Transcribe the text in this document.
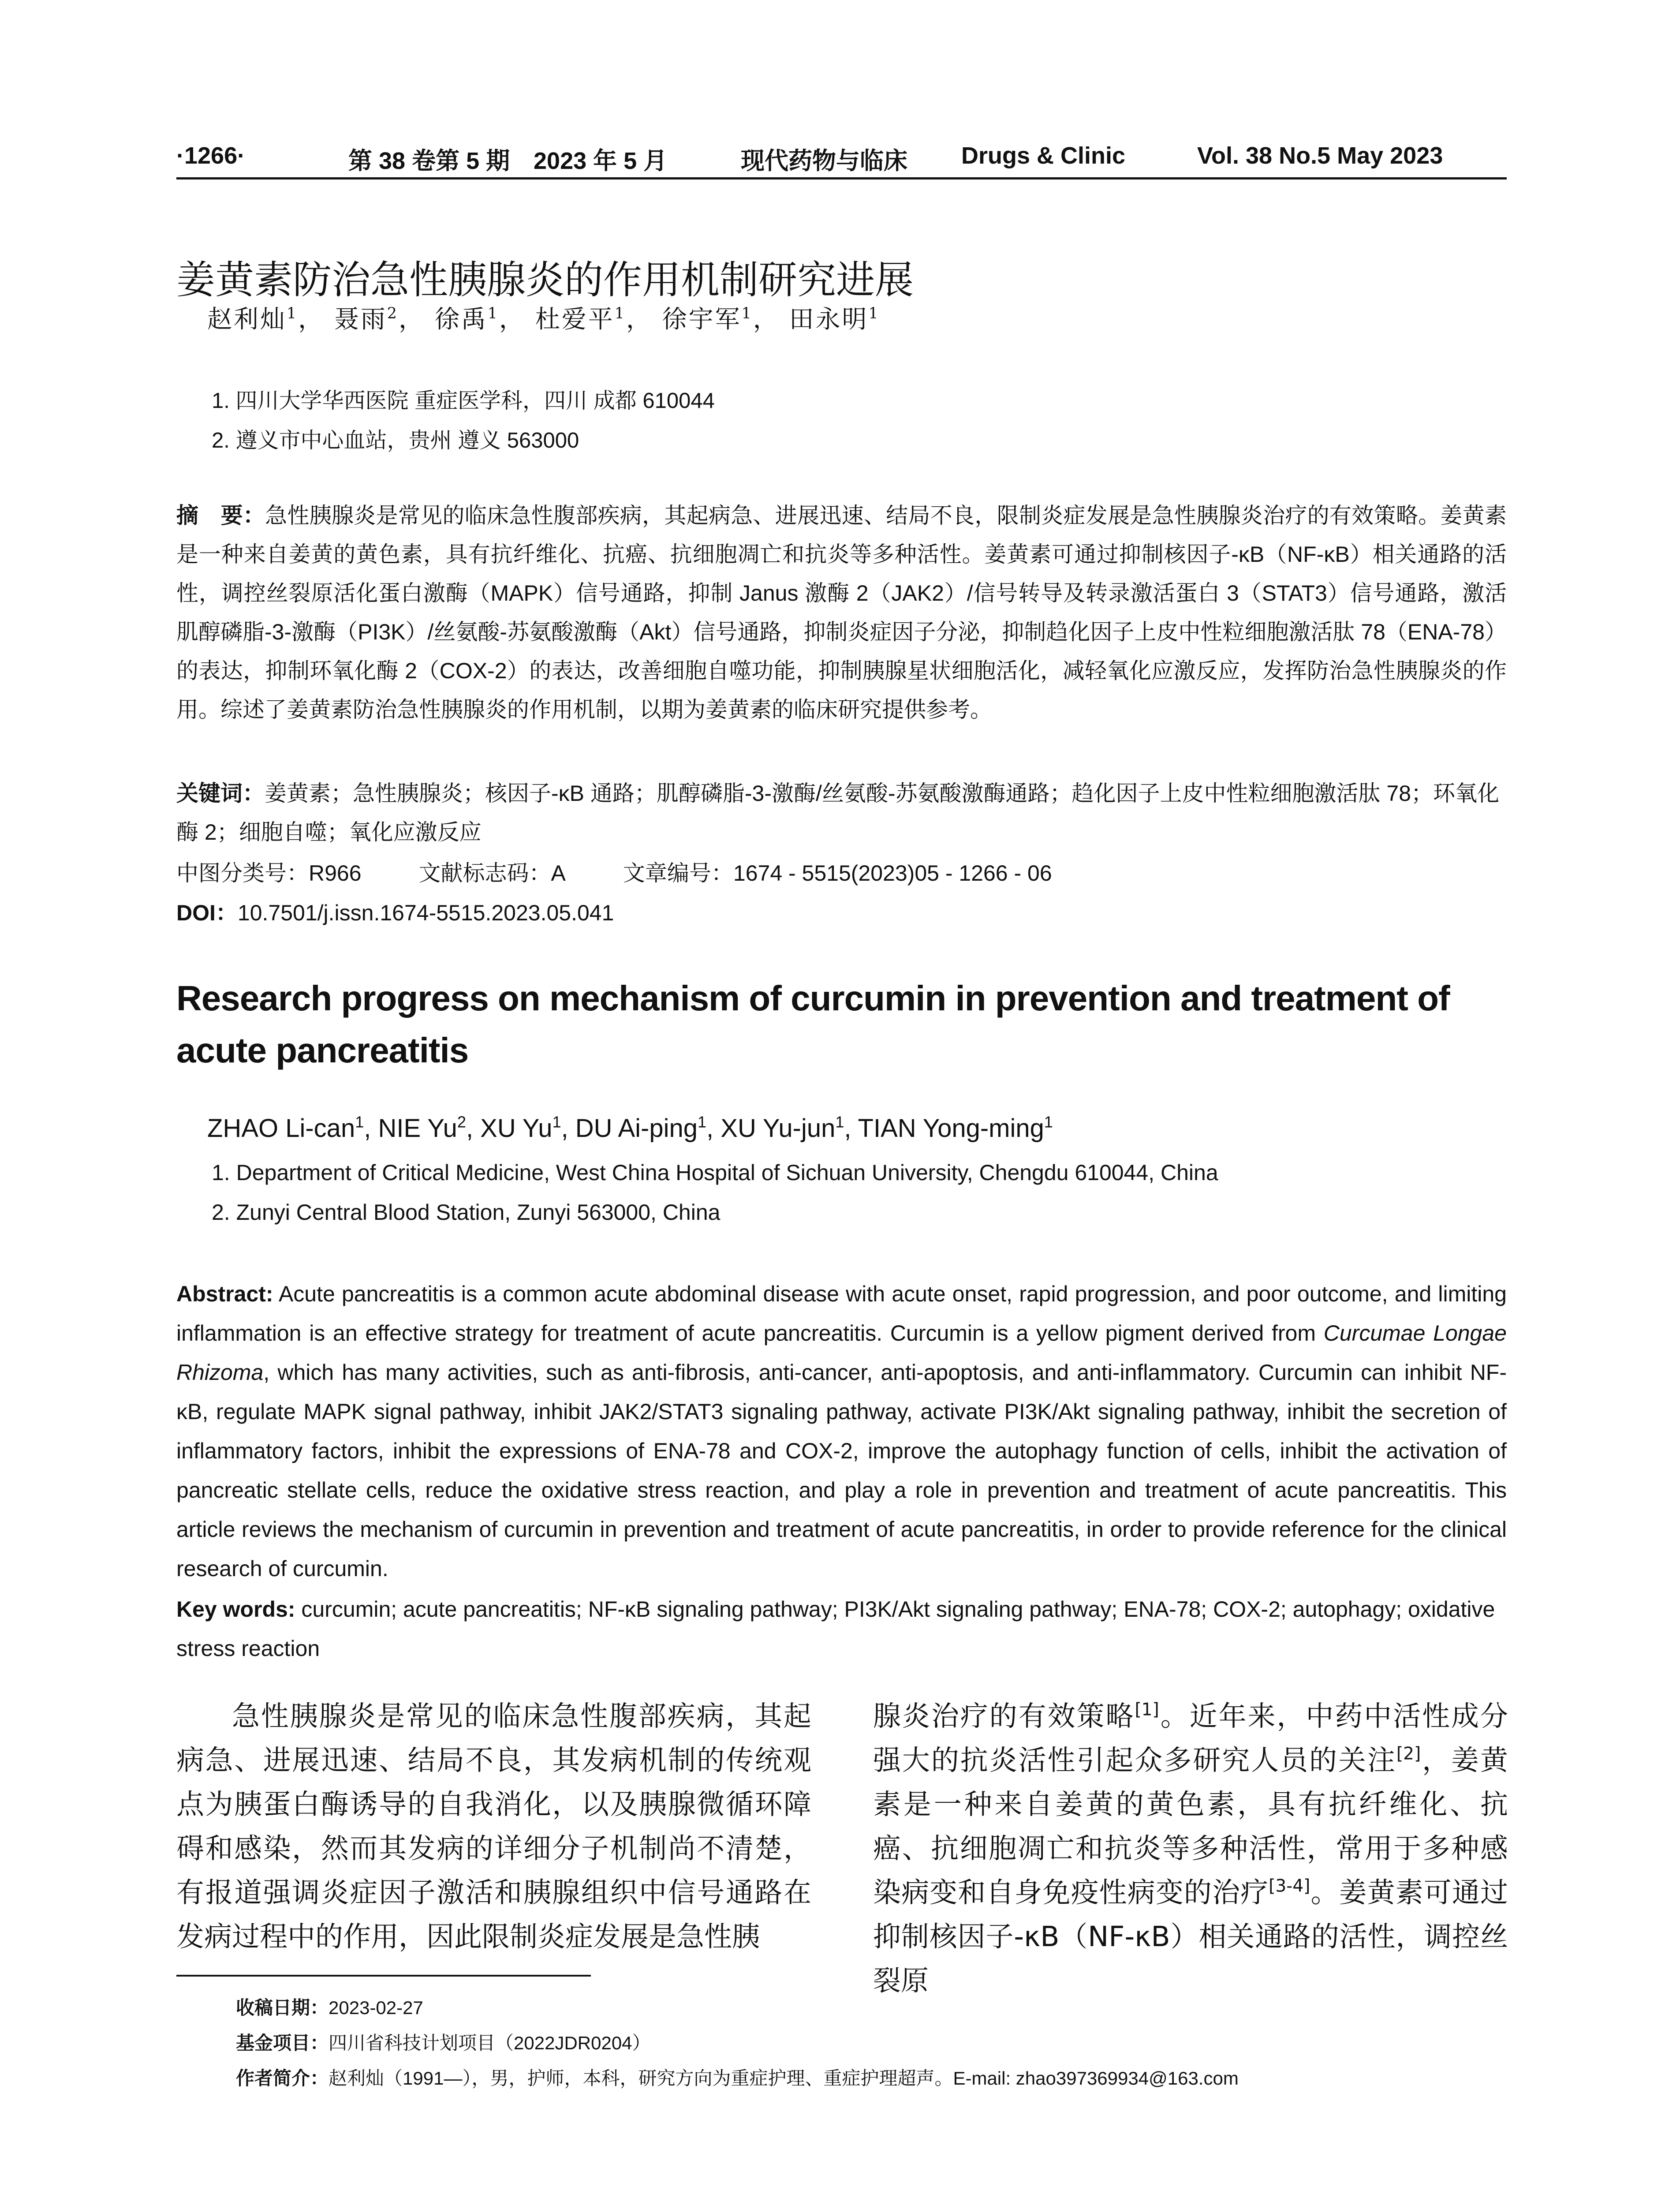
·1266·	第 38 卷第 5 期 2023 年 5 月	现代药物与临床 Drugs & Clinic	Vol. 38 No.5 May 2023
姜黄素防治急性胰腺炎的作用机制研究进展
赵利灿$^1$， 聂雨$^2$， 徐禹$^1$， 杜爱平$^1$， 徐宇军$^1$， 田永明$^1$
1. 四川大学华西医院 重症医学科，四川 成都 610044
2. 遵义市中心血站，贵州 遵义 563000
摘　要：急性胰腺炎是常见的临床急性腹部疾病，其起病急、进展迅速、结局不良，限制炎症发展是急性胰腺炎治疗的有效策略。姜黄素是一种来自姜黄的黄色素，具有抗纤维化、抗癌、抗细胞凋亡和抗炎等多种活性。姜黄素可通过抑制核因子-κB（NF-κB）相关通路的活性，调控丝裂原活化蛋白激酶（MAPK）信号通路，抑制 Janus 激酶 2（JAK2）/信号转导及转录激活蛋白 3（STAT3）信号通路，激活肌醇磷脂-3-激酶（PI3K）/丝氨酸-苏氨酸激酶（Akt）信号通路，抑制炎症因子分泌，抑制趋化因子上皮中性粒细胞激活肽 78（ENA-78）的表达，抑制环氧化酶 2（COX-2）的表达，改善细胞自噬功能，抑制胰腺星状细胞活化，减轻氧化应激反应，发挥防治急性胰腺炎的作用。综述了姜黄素防治急性胰腺炎的作用机制，以期为姜黄素的临床研究提供参考。
关键词：姜黄素；急性胰腺炎；核因子-κB 通路；肌醇磷脂-3-激酶/丝氨酸-苏氨酸激酶通路；趋化因子上皮中性粒细胞激活肽 78；环氧化酶 2；细胞自噬；氧化应激反应
中图分类号：R966	文献标志码：A	文章编号：1674 - 5515(2023)05 - 1266 - 06
DOI：10.7501/j.issn.1674-5515.2023.05.041
Research progress on mechanism of curcumin in prevention and treatment of acute pancreatitis
ZHAO Li-can$^1$, NIE Yu$^2$, XU Yu$^1$, DU Ai-ping$^1$, XU Yu-jun$^1$, TIAN Yong-ming$^1$
1. Department of Critical Medicine, West China Hospital of Sichuan University, Chengdu 610044, China
2. Zunyi Central Blood Station, Zunyi 563000, China
Abstract: Acute pancreatitis is a common acute abdominal disease with acute onset, rapid progression, and poor outcome, and limiting inflammation is an effective strategy for treatment of acute pancreatitis. Curcumin is a yellow pigment derived from Curcumae Longae Rhizoma, which has many activities, such as anti-fibrosis, anti-cancer, anti-apoptosis, and anti-inflammatory. Curcumin can inhibit NF-κB, regulate MAPK signal pathway, inhibit JAK2/STAT3 signaling pathway, activate PI3K/Akt signaling pathway, inhibit the secretion of inflammatory factors, inhibit the expressions of ENA-78 and COX-2, improve the autophagy function of cells, inhibit the activation of pancreatic stellate cells, reduce the oxidative stress reaction, and play a role in prevention and treatment of acute pancreatitis. This article reviews the mechanism of curcumin in prevention and treatment of acute pancreatitis, in order to provide reference for the clinical research of curcumin.
Key words: curcumin; acute pancreatitis; NF-κB signaling pathway; PI3K/Akt signaling pathway; ENA-78; COX-2; autophagy; oxidative stress reaction
急性胰腺炎是常见的临床急性腹部疾病，其起病急、进展迅速、结局不良，其发病机制的传统观点为胰蛋白酶诱导的自我消化，以及胰腺微循环障碍和感染，然而其发病的详细分子机制尚不清楚，有报道强调炎症因子激活和胰腺组织中信号通路在发病过程中的作用，因此限制炎症发展是急性胰
腺炎治疗的有效策略[1]。近年来，中药中活性成分强大的抗炎活性引起众多研究人员的关注[2]，姜黄素是一种来自姜黄的黄色素，具有抗纤维化、抗癌、抗细胞凋亡和抗炎等多种活性，常用于多种感染病变和自身免疫性病变的治疗[3-4]。姜黄素可通过抑制核因子-κB（NF-κB）相关通路的活性，调控丝裂原
收稿日期：2023-02-27
基金项目：四川省科技计划项目（2022JDR0204）
作者简介：赵利灿（1991—），男，护师，本科，研究方向为重症护理、重症护理超声。E-mail: zhao397369934@163.com
